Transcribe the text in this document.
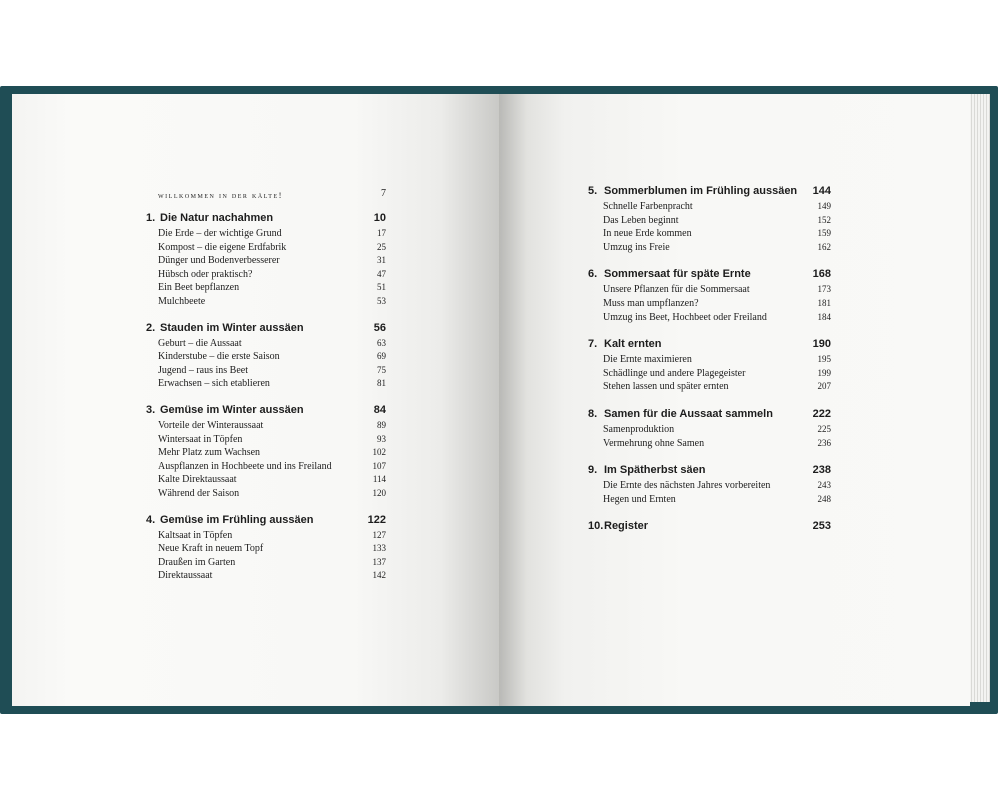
willkommen in der kälte!	7
1. Die Natur nachahmen	10
Die Erde – der wichtige Grund	17
Kompost – die eigene Erdfabrik	25
Dünger und Bodenverbesserer	31
Hübsch oder praktisch?	47
Ein Beet bepflanzen	51
Mulchbeete	53
2. Stauden im Winter aussäen	56
Geburt – die Aussaat	63
Kinderstube – die erste Saison	69
Jugend – raus ins Beet	75
Erwachsen – sich etablieren	81
3. Gemüse im Winter aussäen	84
Vorteile der Winteraussaat	89
Wintersaat in Töpfen	93
Mehr Platz zum Wachsen	102
Auspflanzen in Hochbeete und ins Freiland	107
Kalte Direktaussaat	114
Während der Saison	120
4. Gemüse im Frühling aussäen	122
Kaltsaat in Töpfen	127
Neue Kraft in neuem Topf	133
Draußen im Garten	137
Direktaussaat	142
5. Sommerblumen im Frühling aussäen 144
Schnelle Farbenpracht	149
Das Leben beginnt	152
In neue Erde kommen	159
Umzug ins Freie	162
6. Sommersaat für späte Ernte	168
Unsere Pflanzen für die Sommersaat	173
Muss man umpflanzen?	181
Umzug ins Beet, Hochbeet oder Freiland	184
7. Kalt ernten	190
Die Ernte maximieren	195
Schädlinge und andere Plagegeister	199
Stehen lassen und später ernten	207
8. Samen für die Aussaat sammeln	222
Samenproduktion	225
Vermehrung ohne Samen	236
9. Im Spätherbst säen	238
Die Ernte des nächsten Jahres vorbereiten	243
Hegen und Ernten	248
10. Register	253
